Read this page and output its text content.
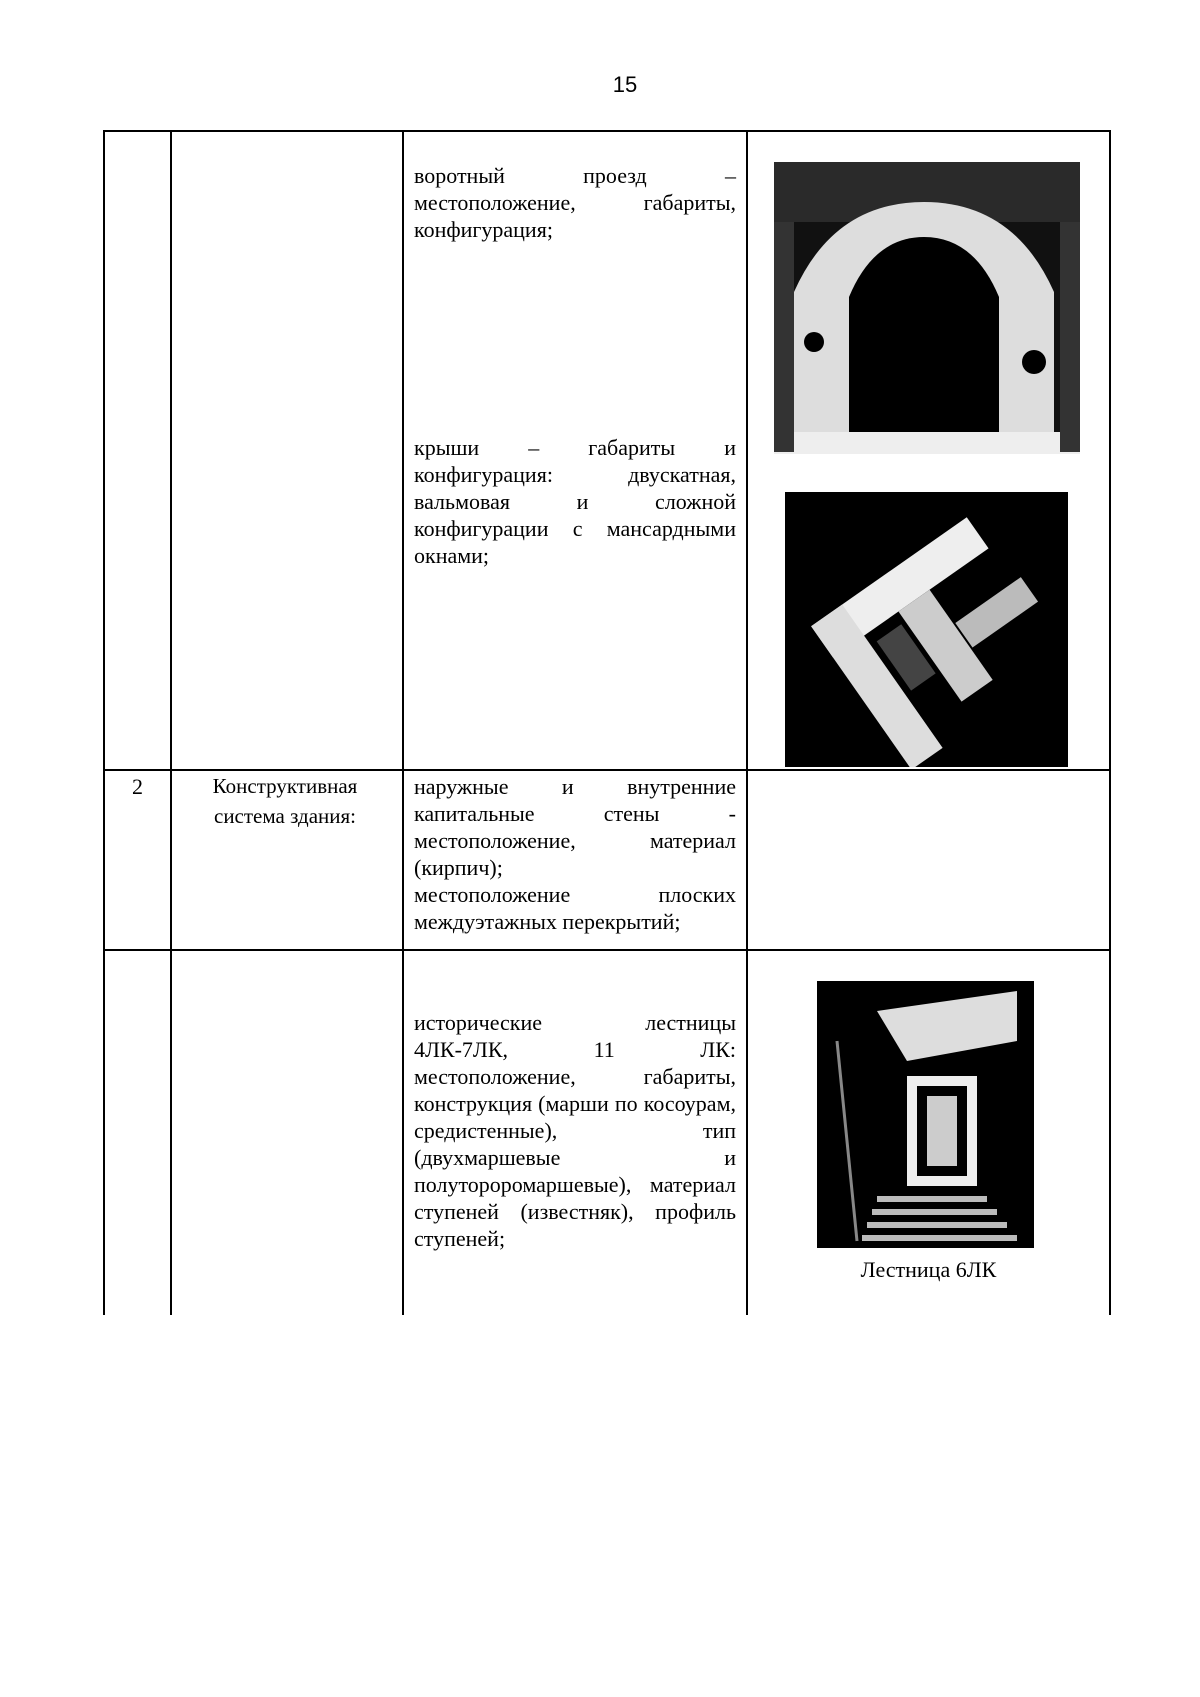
15

		воротный проезд – местоположение, габариты, конфигурация;
крыши – габариты и конфигурация: двускатная, вальмовая и сложной конфигурации с мансардными окнами;

2	Конструктивная система здания:	наружные и внутренние капитальные стены - местоположение, материал (кирпич);
местоположение плоских междуэтажных перекрытий;	

		исторические лестницы 4ЛК-7ЛК, 11 ЛК: местоположение, габариты, конструкция (марши по косоурам, средистенные), тип (двухмаршевые и полутороромаршевые), материал ступеней (известняк), профиль ступеней;	Лестница 6ЛК
